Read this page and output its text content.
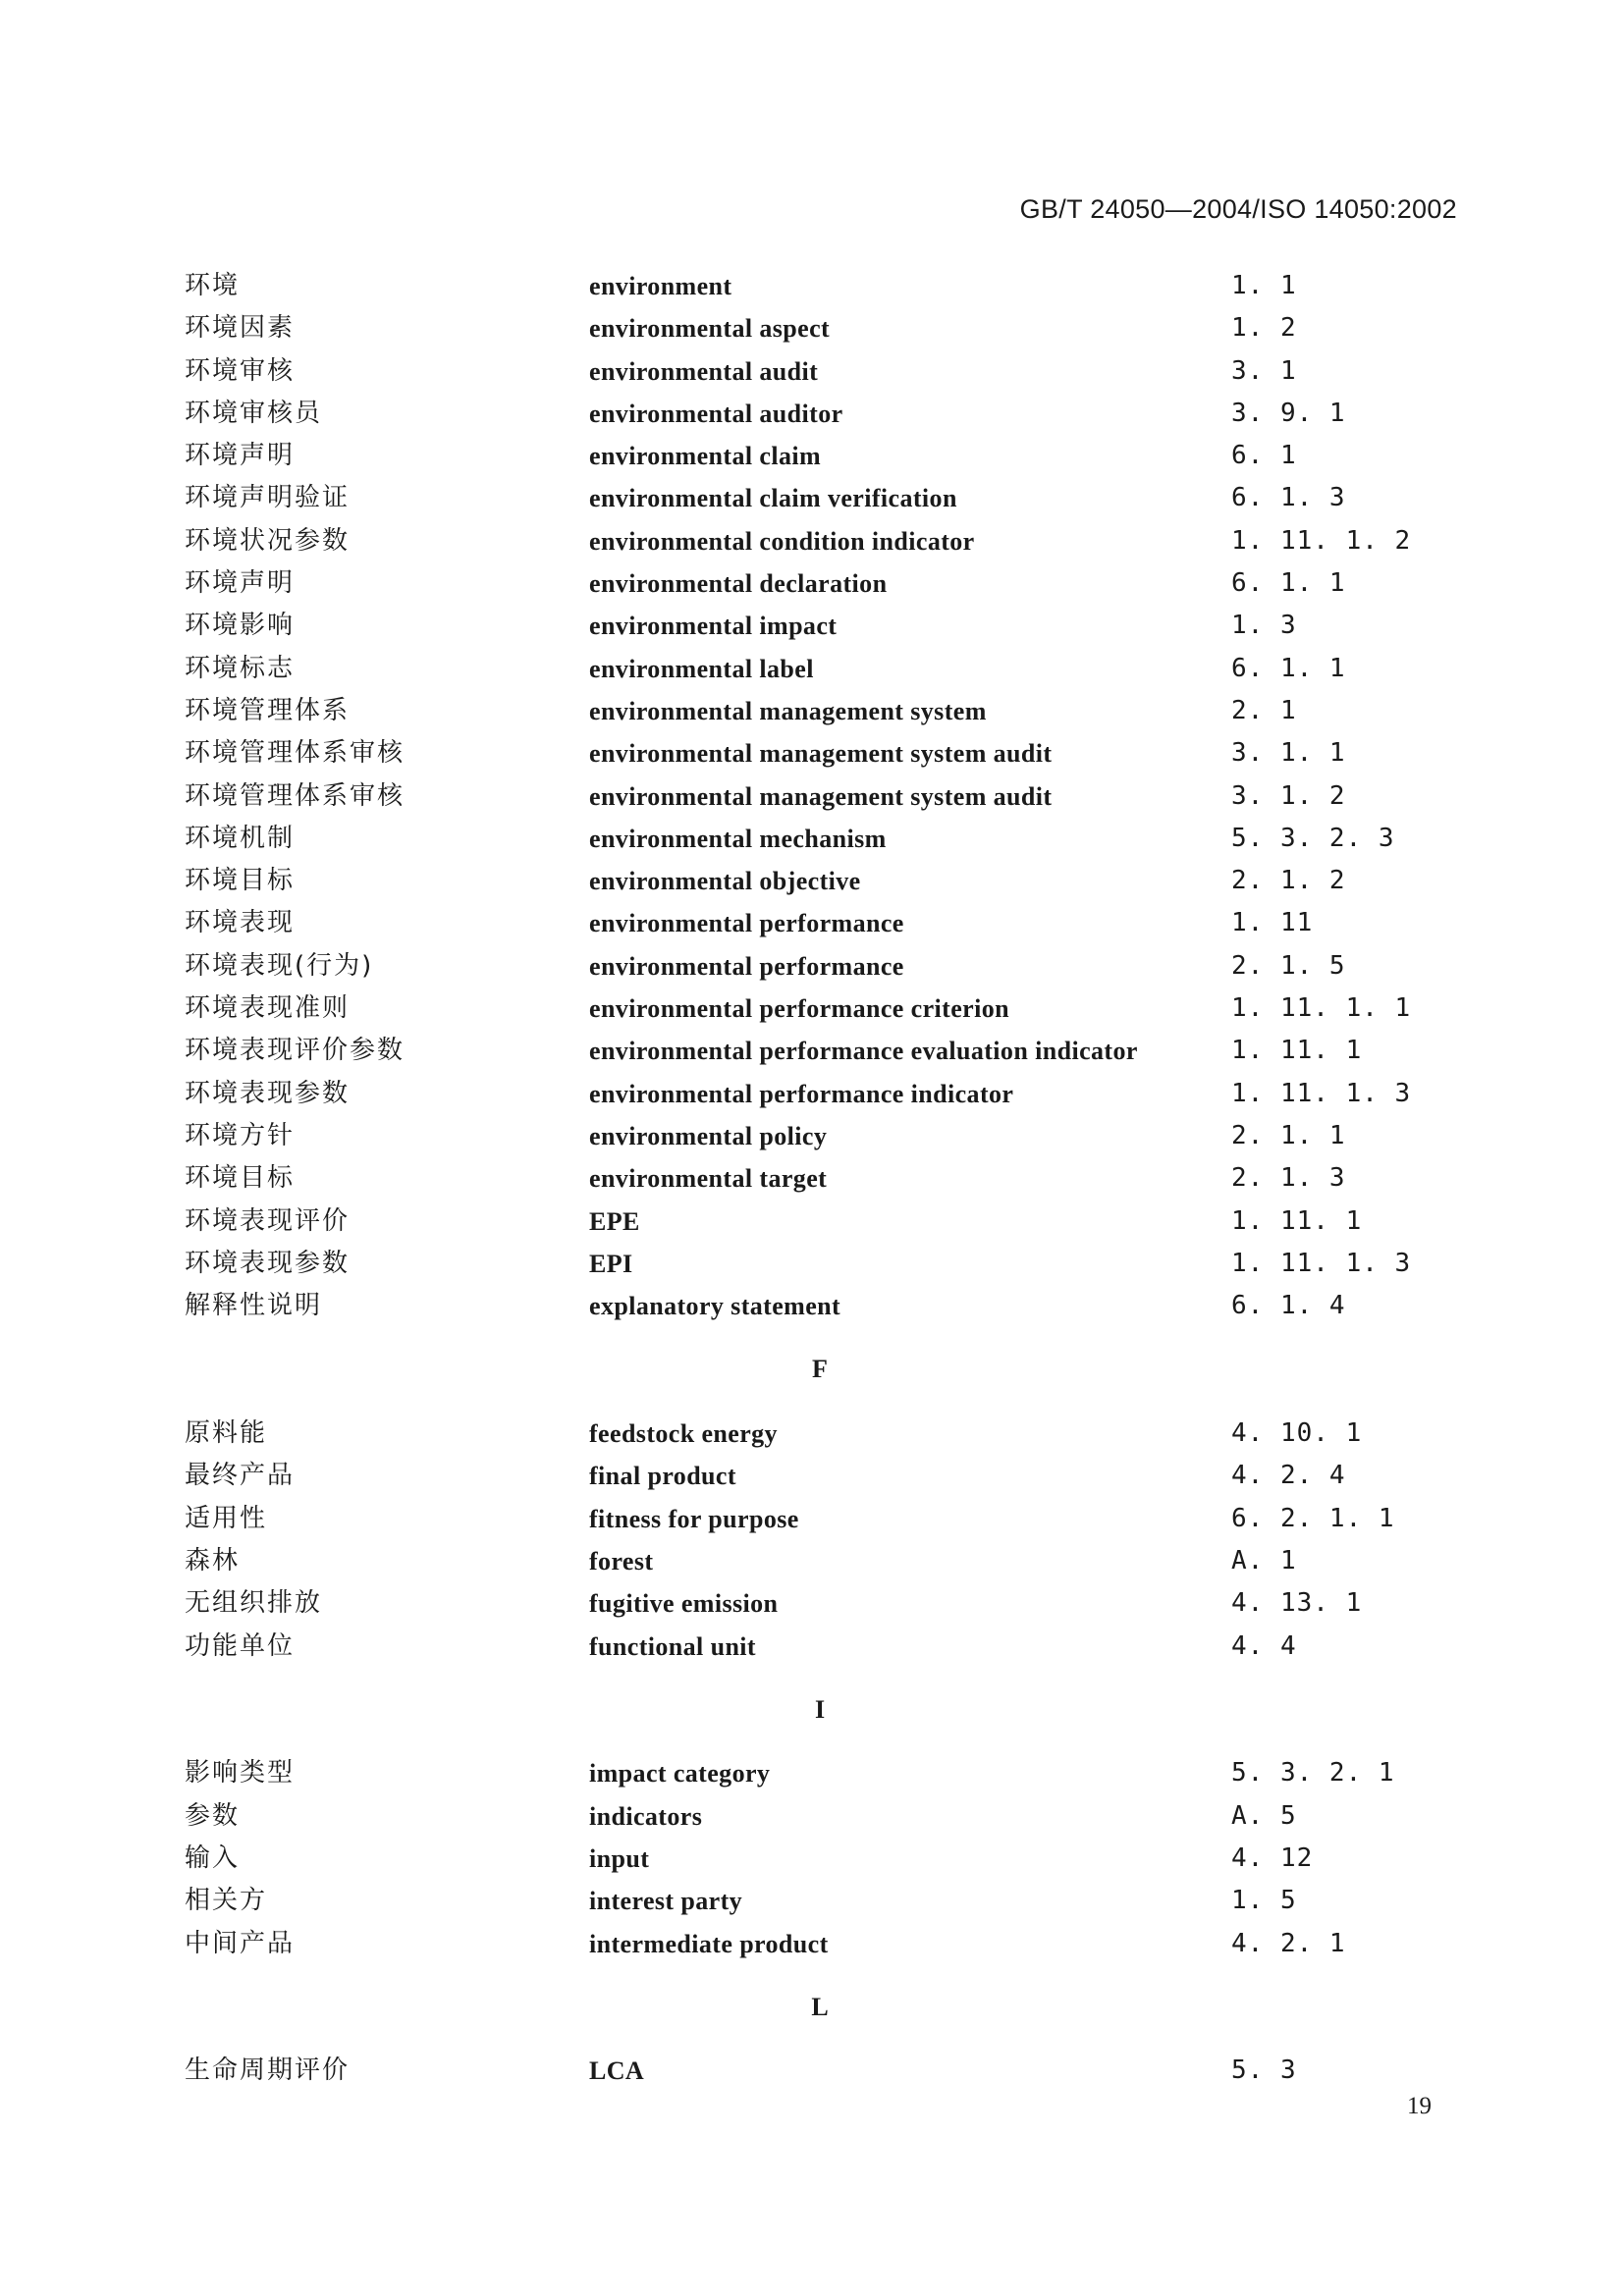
GB/T 24050—2004/ISO 14050:2002
环境	environment	1. 1
环境因素	environmental aspect	1. 2
环境审核	environmental audit	3. 1
环境审核员	environmental auditor	3. 9. 1
环境声明	environmental claim	6. 1
环境声明验证	environmental claim verification	6. 1. 3
环境状况参数	environmental condition indicator	1. 11. 1. 2
环境声明	environmental declaration	6. 1. 1
环境影响	environmental impact	1. 3
环境标志	environmental label	6. 1. 1
环境管理体系	environmental management system	2. 1
环境管理体系审核	environmental management system audit	3. 1. 1
环境管理体系审核	environmental management system audit	3. 1. 2
环境机制	environmental mechanism	5. 3. 2. 3
环境目标	environmental objective	2. 1. 2
环境表现	environmental performance	1. 11
环境表现(行为)	environmental performance	2. 1. 5
环境表现准则	environmental performance criterion	1. 11. 1. 1
环境表现评价参数	environmental performance evaluation indicator	1. 11. 1
环境表现参数	environmental performance indicator	1. 11. 1. 3
环境方针	environmental policy	2. 1. 1
环境目标	environmental target	2. 1. 3
环境表现评价	EPE	1. 11. 1
环境表现参数	EPI	1. 11. 1. 3
解释性说明	explanatory statement	6. 1. 4
F
原料能	feedstock energy	4. 10. 1
最终产品	final product	4. 2. 4
适用性	fitness for purpose	6. 2. 1. 1
森林	forest	A. 1
无组织排放	fugitive emission	4. 13. 1
功能单位	functional unit	4. 4
I
影响类型	impact category	5. 3. 2. 1
参数	indicators	A. 5
输入	input	4. 12
相关方	interest party	1. 5
中间产品	intermediate product	4. 2. 1
L
生命周期评价	LCA	5. 3
19
